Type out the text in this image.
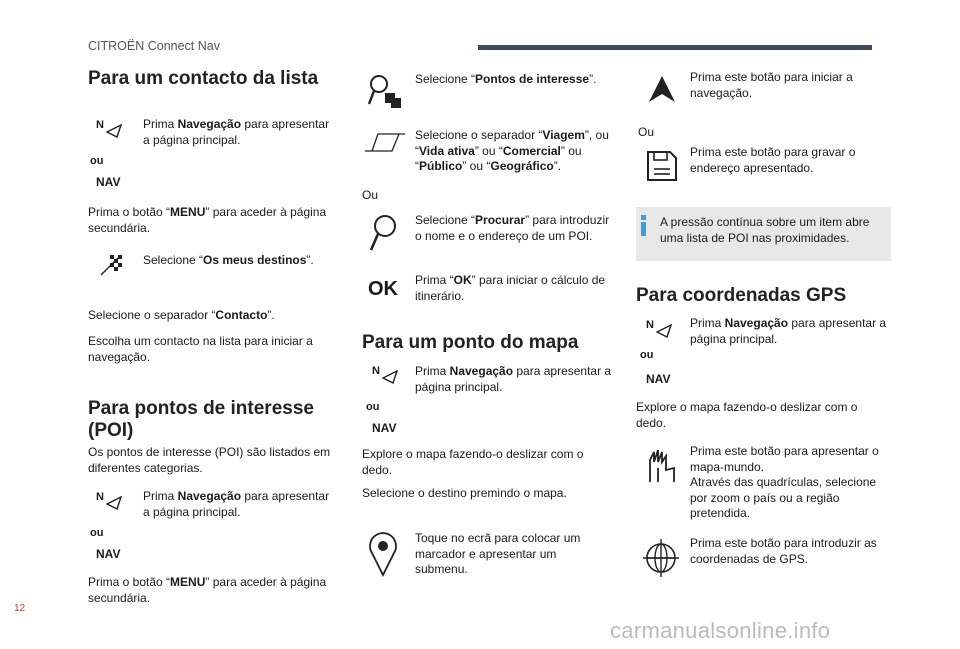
CITROËN Connect Nav
Para um contacto da lista
N
ou
NAV

Prima Navegação para apresentar a página principal.

Prima o botão “MENU” para aceder à página secundária.

Selecione “Os meus destinos”.

Selecione o separador “Contacto”.

Escolha um contacto na lista para iniciar a navegação.

Para pontos de interesse (POI)

Os pontos de interesse (POI) são listados em diferentes categorias.

N
ou
NAV

Prima Navegação para apresentar a página principal.

Prima o botão “MENU” para aceder à página secundária.

Selecione “Pontos de interesse”.

Selecione o separador “Viagem”, ou “Vida ativa” ou “Comercial” ou “Público” ou “Geográfico”.

Ou

Selecione “Procurar” para introduzir o nome e o endereço de um POI.

OK Prima “OK” para iniciar o cálculo de itinerário.

Para um ponto do mapa
N
ou
NAV

Prima Navegação para apresentar a página principal.

Explore o mapa fazendo-o deslizar com o dedo.

Selecione o destino premindo o mapa.

Toque no ecrã para colocar um marcador e apresentar um submenu.

Prima este botão para iniciar a navegação.

Ou

Prima este botão para gravar o endereço apresentado.

A pressão contínua sobre um item abre uma lista de POI nas proximidades.

Para coordenadas GPS
N
ou
NAV

Prima Navegação para apresentar a página principal.

Explore o mapa fazendo-o deslizar com o dedo.

Prima este botão para apresentar o mapa-mundo.
Através das quadrículas, selecione por zoom o país ou a região pretendida.

Prima este botão para introduzir as coordenadas de GPS.

12
carmanualsonline.info
